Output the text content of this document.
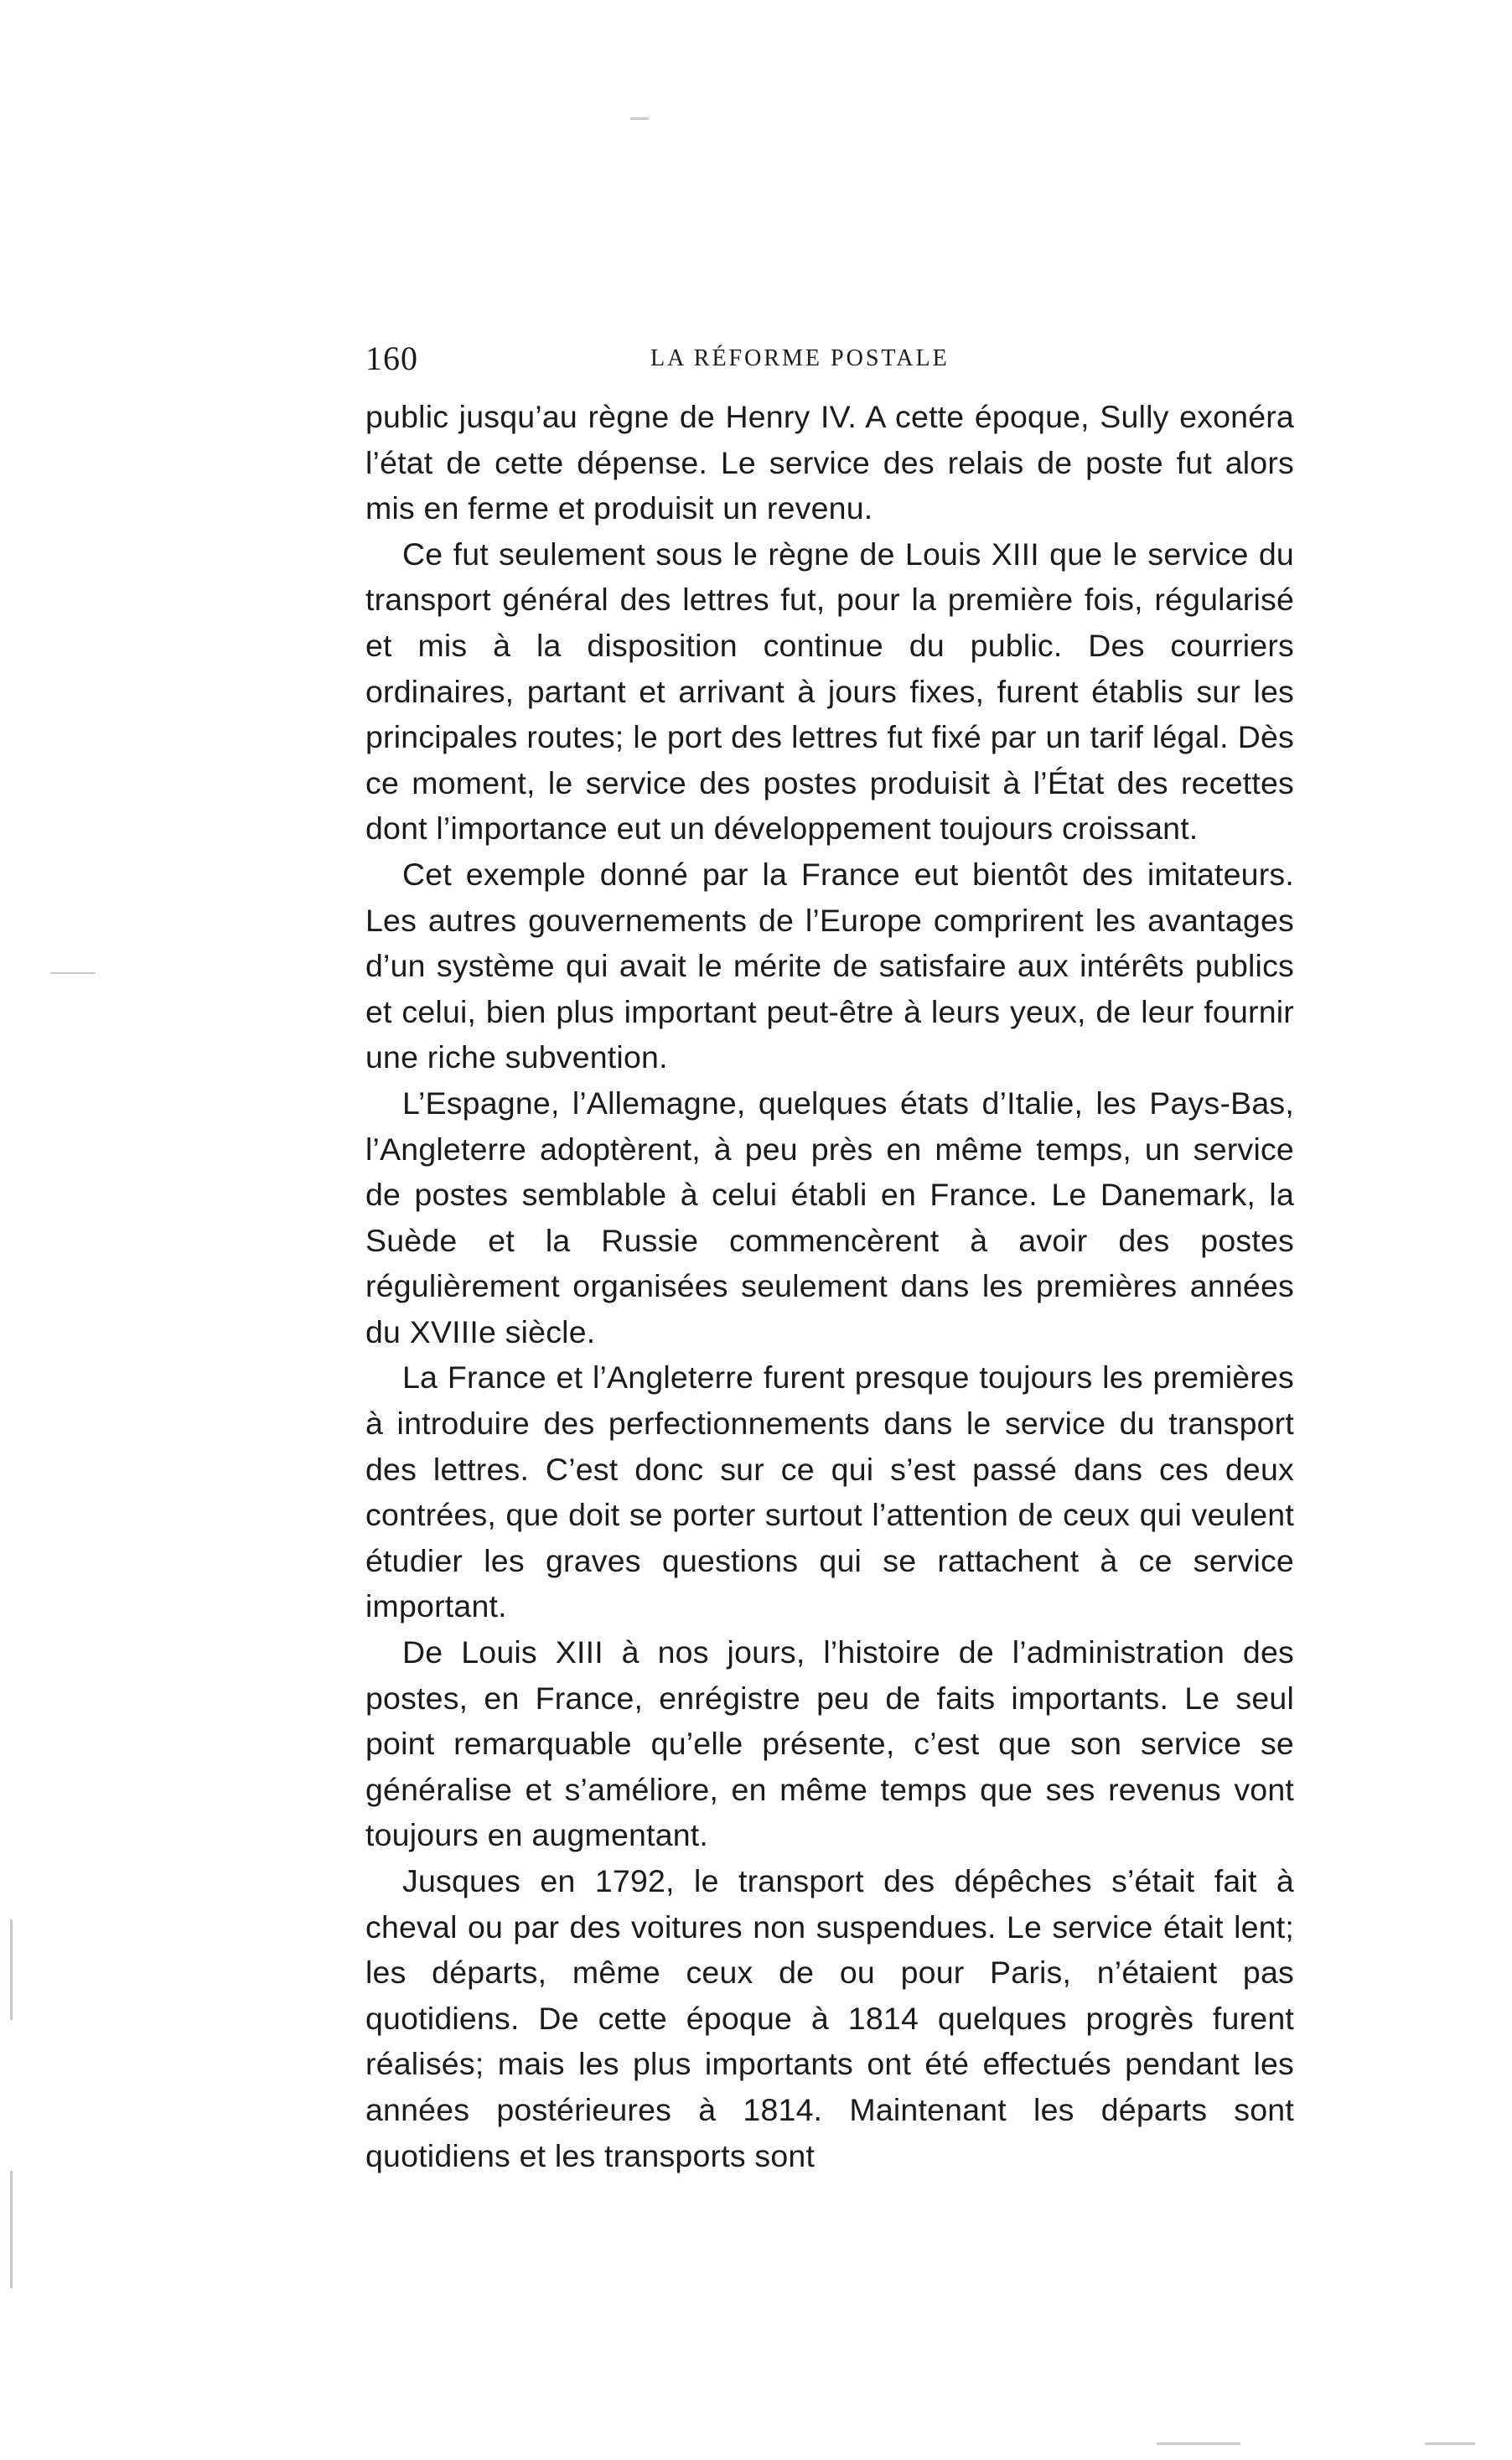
160	LA RÉFORME POSTALE

public jusqu’au règne de Henry IV. A cette époque, Sully exonéra l’état de cette dépense. Le service des relais de poste fut alors mis en ferme et produisit un revenu.

Ce fut seulement sous le règne de Louis XIII que le service du transport général des lettres fut, pour la première fois, régularisé et mis à la disposition continue du public. Des courriers ordinaires, partant et arrivant à jours fixes, furent établis sur les principales routes; le port des lettres fut fixé par un tarif légal. Dès ce moment, le service des postes produisit à l’État des recettes dont l’importance eut un développement toujours croissant.

Cet exemple donné par la France eut bientôt des imitateurs. Les autres gouvernements de l’Europe comprirent les avantages d’un système qui avait le mérite de satisfaire aux intérêts publics et celui, bien plus important peut-être à leurs yeux, de leur fournir une riche subvention.

L’Espagne, l’Allemagne, quelques états d’Italie, les Pays-Bas, l’Angleterre adoptèrent, à peu près en même temps, un service de postes semblable à celui établi en France. Le Danemark, la Suède et la Russie commencèrent à avoir des postes régulièrement organisées seulement dans les premières années du XVIIIe siècle.

La France et l’Angleterre furent presque toujours les premières à introduire des perfectionnements dans le service du transport des lettres. C’est donc sur ce qui s’est passé dans ces deux contrées, que doit se porter surtout l’attention de ceux qui veulent étudier les graves questions qui se rattachent à ce service important.

De Louis XIII à nos jours, l’histoire de l’administration des postes, en France, enrégistre peu de faits importants. Le seul point remarquable qu’elle présente, c’est que son service se généralise et s’améliore, en même temps que ses revenus vont toujours en augmentant.

Jusques en 1792, le transport des dépêches s’était fait à cheval ou par des voitures non suspendues. Le service était lent; les départs, même ceux de ou pour Paris, n’étaient pas quotidiens. De cette époque à 1814 quelques progrès furent réalisés; mais les plus importants ont été effectués pendant les années postérieures à 1814. Maintenant les départs sont quotidiens et les transports sont
